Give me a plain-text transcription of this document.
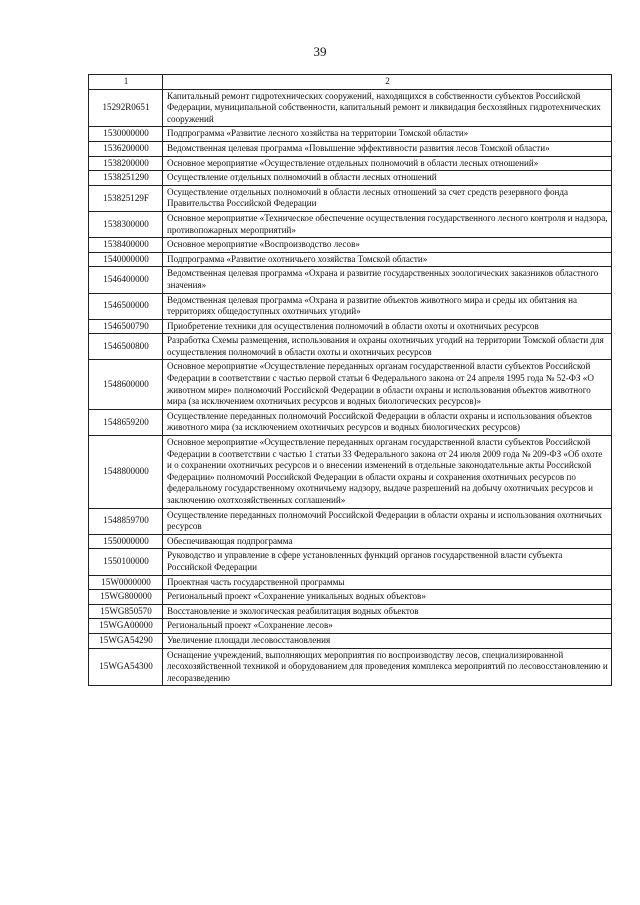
39
1	2
15292R0651	Капитальный ремонт гидротехнических сооружений, находящихся в собственности субъектов Российской Федерации, муниципальной собственности, капитальный ремонт и ликвидация бесхозяйных гидротехнических сооружений
1530000000	Подпрограмма «Развитие лесного хозяйства на территории Томской области»
1536200000	Ведомственная целевая программа «Повышение эффективности развития лесов Томской области»
1538200000	Основное мероприятие «Осуществление отдельных полномочий в области лесных отношений»
1538251290	Осуществление отдельных полномочий в области лесных отношений
153825129F	Осуществление отдельных полномочий в области лесных отношений за счет средств резервного фонда Правительства Российской Федерации
1538300000	Основное мероприятие «Техническое обеспечение осуществления государственного лесного контроля и надзора, противопожарных мероприятий»
1538400000	Основное мероприятие «Воспроизводство лесов»
1540000000	Подпрограмма «Развитие охотничьего хозяйства Томской области»
1546400000	Ведомственная целевая программа «Охрана и развитие государственных зоологических заказников областного значения»
1546500000	Ведомственная целевая программа «Охрана и развитие объектов животного мира и среды их обитания на территориях общедоступных охотничьих угодий»
1546500790	Приобретение техники для осуществления полномочий в области охоты и охотничьих ресурсов
1546500800	Разработка Схемы размещения, использования и охраны охотничьих угодий на территории Томской области для осуществления полномочий в области охоты и охотничьих ресурсов
1548600000	Основное мероприятие «Осуществление переданных органам государственной власти субъектов Российской Федерации в соответствии с частью первой статьи 6 Федерального закона от 24 апреля 1995 года № 52-ФЗ «О животном мире» полномочий Российской Федерации в области охраны и использования объектов животного мира (за исключением охотничьих ресурсов и водных биологических ресурсов)»
1548659200	Осуществление переданных полномочий Российской Федерации в области охраны и использования объектов животного мира (за исключением охотничьих ресурсов и водных биологических ресурсов)
1548800000	Основное мероприятие «Осуществление переданных органам государственной власти субъектов Российской Федерации в соответствии с частью 1 статьи 33 Федерального закона от 24 июля 2009 года № 209-ФЗ «Об охоте и о сохранении охотничьих ресурсов и о внесении изменений в отдельные законодательные акты Российской Федерации» полномочий Российской Федерации в области охраны и сохранения охотничьих ресурсов по федеральному государственному охотничьему надзору, выдаче разрешений на добычу охотничьих ресурсов и заключению охотхозяйственных соглашений»
1548859700	Осуществление переданных полномочий Российской Федерации в области охраны и использования охотничьих ресурсов
1550000000	Обеспечивающая подпрограмма
1550100000	Руководство и управление в сфере установленных функций органов государственной власти субъекта Российской Федерации
15W0000000	Проектная часть государственной программы
15WG800000	Региональный проект «Сохранение уникальных водных объектов»
15WG850570	Восстановление и экологическая реабилитация водных объектов
15WGA00000	Региональный проект «Сохранение лесов»
15WGA54290	Увеличение площади лесовосстановления
15WGA54300	Оснащение учреждений, выполняющих мероприятия по воспроизводству лесов, специализированной лесохозяйственной техникой и оборудованием для проведения комплекса мероприятий по лесовосстановлению и лесоразведению
